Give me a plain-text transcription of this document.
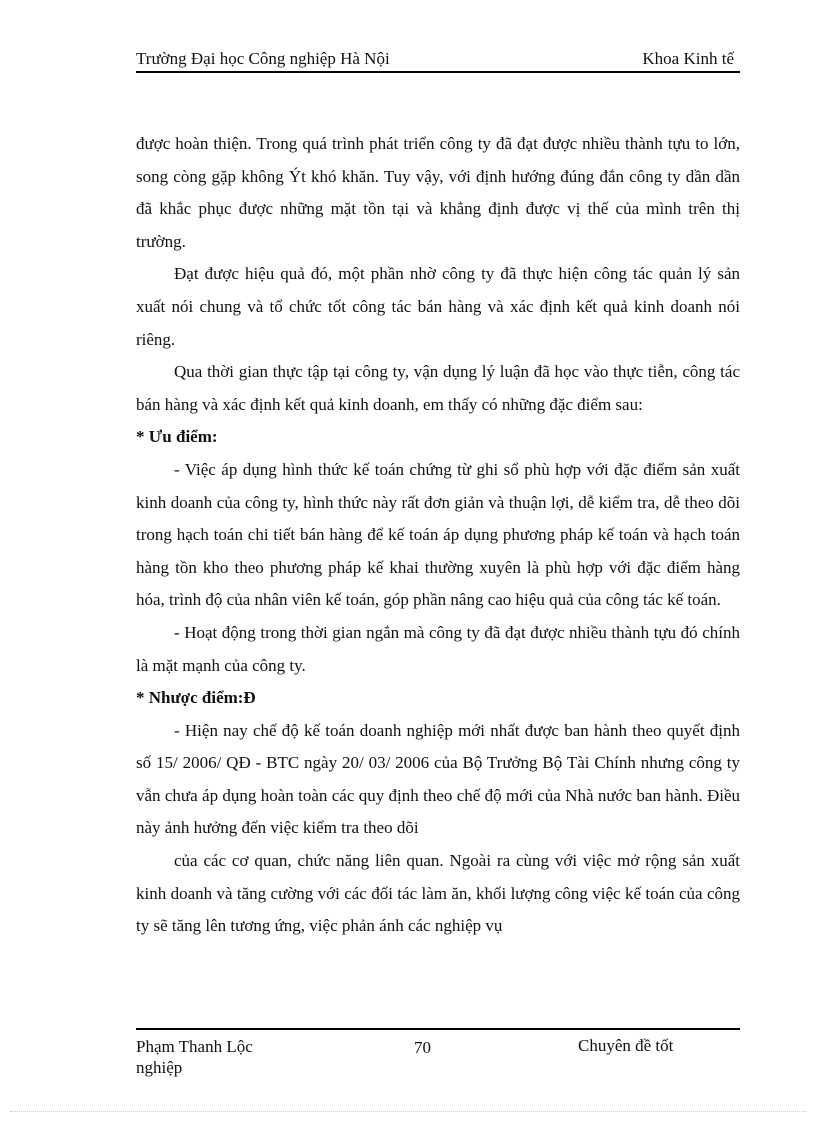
Trường Đại học Công nghiệp Hà Nội	Khoa Kinh tế

được hoàn thiện. Trong quá trình phát triển công ty đã đạt được nhiều thành tựu to lớn, song còng gặp không Ýt khó khăn. Tuy vậy, với định hướng đúng đắn công ty dần dần đã khắc phục được những mặt tồn tại và khẳng định được vị thế của mình trên thị trường.

Đạt được hiệu quả đó, một phần nhờ công ty đã thực hiện công tác quản lý sản xuất nói chung và tổ chức tốt công tác bán hàng và xác định kết quả kinh doanh nói riêng.

Qua thời gian thực tập tại công ty, vận dụng lý luận đã học vào thực tiễn, công tác bán hàng và xác định kết quả kinh doanh, em thấy có những đặc điểm sau:

* Ưu điểm:

- Việc áp dụng hình thức kế toán chứng từ ghi sổ phù hợp với đặc điểm sản xuất kinh doanh của công ty, hình thức này rất đơn giản và thuận lợi, dễ kiểm tra, dễ theo dõi trong hạch toán chi tiết bán hàng để kế toán áp dụng phương pháp kế toán và hạch toán hàng tồn kho theo phương pháp kế khai thường xuyên là phù hợp với đặc điểm hàng hóa, trình độ của nhân viên kế toán, góp phần nâng cao hiệu quả của công tác kế toán.

- Hoạt động trong thời gian ngắn mà công ty đã đạt được nhiều thành tựu đó chính là mặt mạnh của công ty.

* Nhược điểm:Đ

- Hiện nay chế độ kế toán doanh nghiệp mới nhất được ban hành theo quyết định số 15/ 2006/ QĐ - BTC ngày 20/ 03/ 2006 của Bộ Trưởng Bộ Tài Chính nhưng công ty vẫn chưa áp dụng hoàn toàn các quy định theo chế độ mới của Nhà nước ban hành. Điều này ảnh hưởng đến việc kiểm tra theo dõi

của các cơ quan, chức năng liên quan. Ngoài ra cùng với việc mở rộng sản xuất kinh doanh và tăng cường với các đối tác làm ăn, khối lượng công việc kế toán của công ty sẽ tăng lên tương ứng, việc phản ánh các nghiệp vụ

Phạm Thanh Lộc
nghiệp
70	Chuyên đề tốt
